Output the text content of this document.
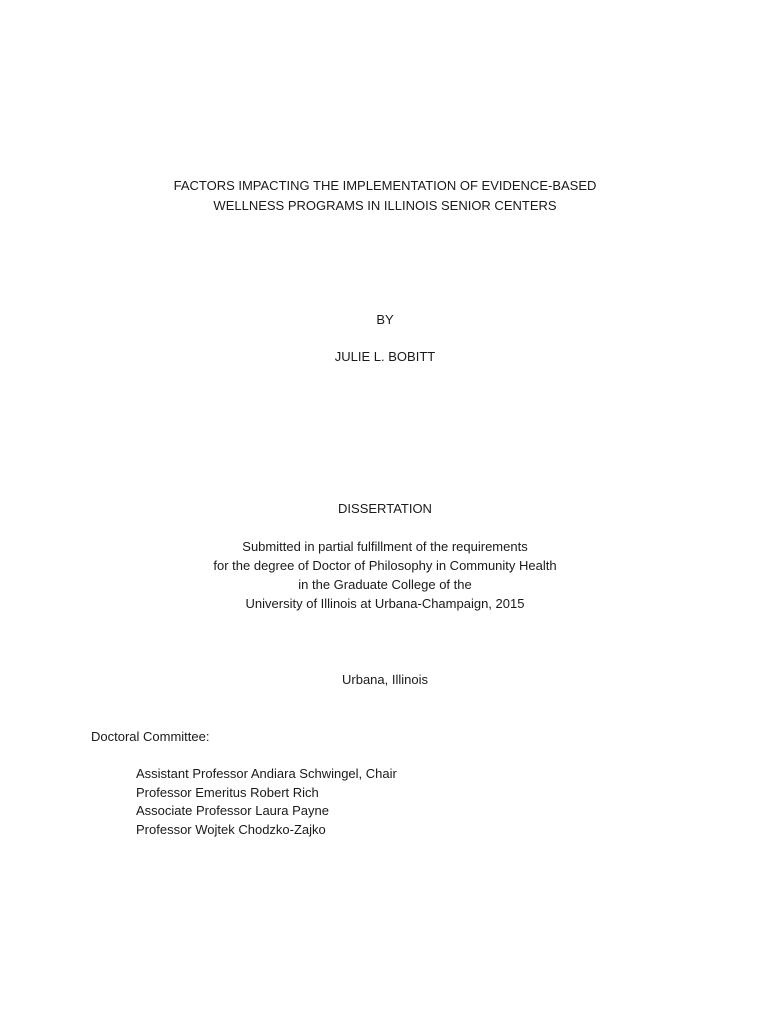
FACTORS IMPACTING THE IMPLEMENTATION OF EVIDENCE-BASED
WELLNESS PROGRAMS IN ILLINOIS SENIOR CENTERS
BY
JULIE L. BOBITT
DISSERTATION
Submitted in partial fulfillment of the requirements
for the degree of Doctor of Philosophy in Community Health
in the Graduate College of the
University of Illinois at Urbana-Champaign, 2015
Urbana, Illinois
Doctoral Committee:
Assistant Professor Andiara Schwingel, Chair
Professor Emeritus Robert Rich
Associate Professor Laura Payne
Professor Wojtek Chodzko-Zajko
